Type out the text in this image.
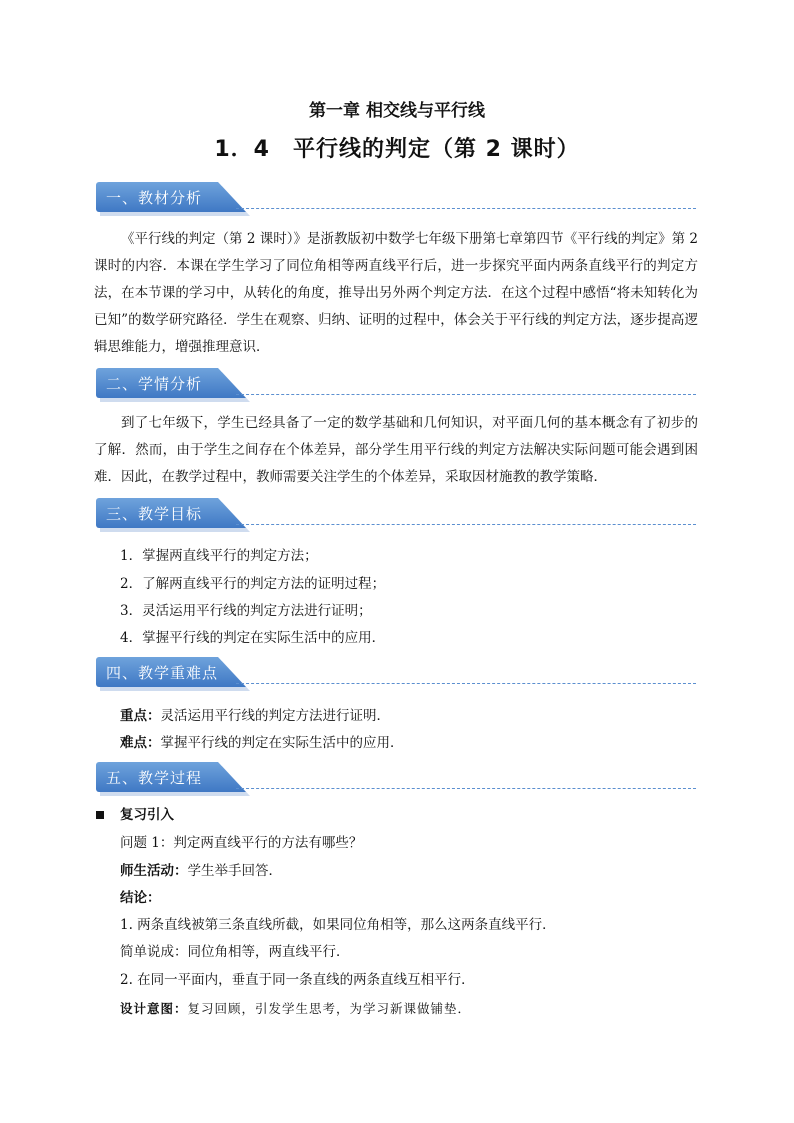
第一章 相交线与平行线
1．4　平行线的判定（第 2 课时）
一、教材分析
《平行线的判定（第 2 课时）》是浙教版初中数学七年级下册第七章第四节《平行线的判定》第 2 课时的内容．本课在学生学习了同位角相等两直线平行后，进一步探究平面内两条直线平行的判定方法，在本节课的学习中，从转化的角度，推导出另外两个判定方法．在这个过程中感悟“将未知转化为已知”的数学研究路径．学生在观察、归纳、证明的过程中，体会关于平行线的判定方法，逐步提高逻辑思维能力，增强推理意识．
二、学情分析
到了七年级下，学生已经具备了一定的数学基础和几何知识，对平面几何的基本概念有了初步的了解．然而，由于学生之间存在个体差异，部分学生用平行线的判定方法解决实际问题可能会遇到困难．因此，在教学过程中，教师需要关注学生的个体差异，采取因材施教的教学策略．
三、教学目标
1．掌握两直线平行的判定方法；
2．了解两直线平行的判定方法的证明过程；
3．灵活运用平行线的判定方法进行证明；
4．掌握平行线的判定在实际生活中的应用．
四、教学重难点
重点：灵活运用平行线的判定方法进行证明．
难点：掌握平行线的判定在实际生活中的应用．
五、教学过程
复习引入
问题 1：判定两直线平行的方法有哪些？
师生活动：学生举手回答．
结论：
1. 两条直线被第三条直线所截，如果同位角相等，那么这两条直线平行．
简单说成：同位角相等，两直线平行．
2. 在同一平面内，垂直于同一条直线的两条直线互相平行．
设计意图：复习回顾，引发学生思考，为学习新课做铺垫．
